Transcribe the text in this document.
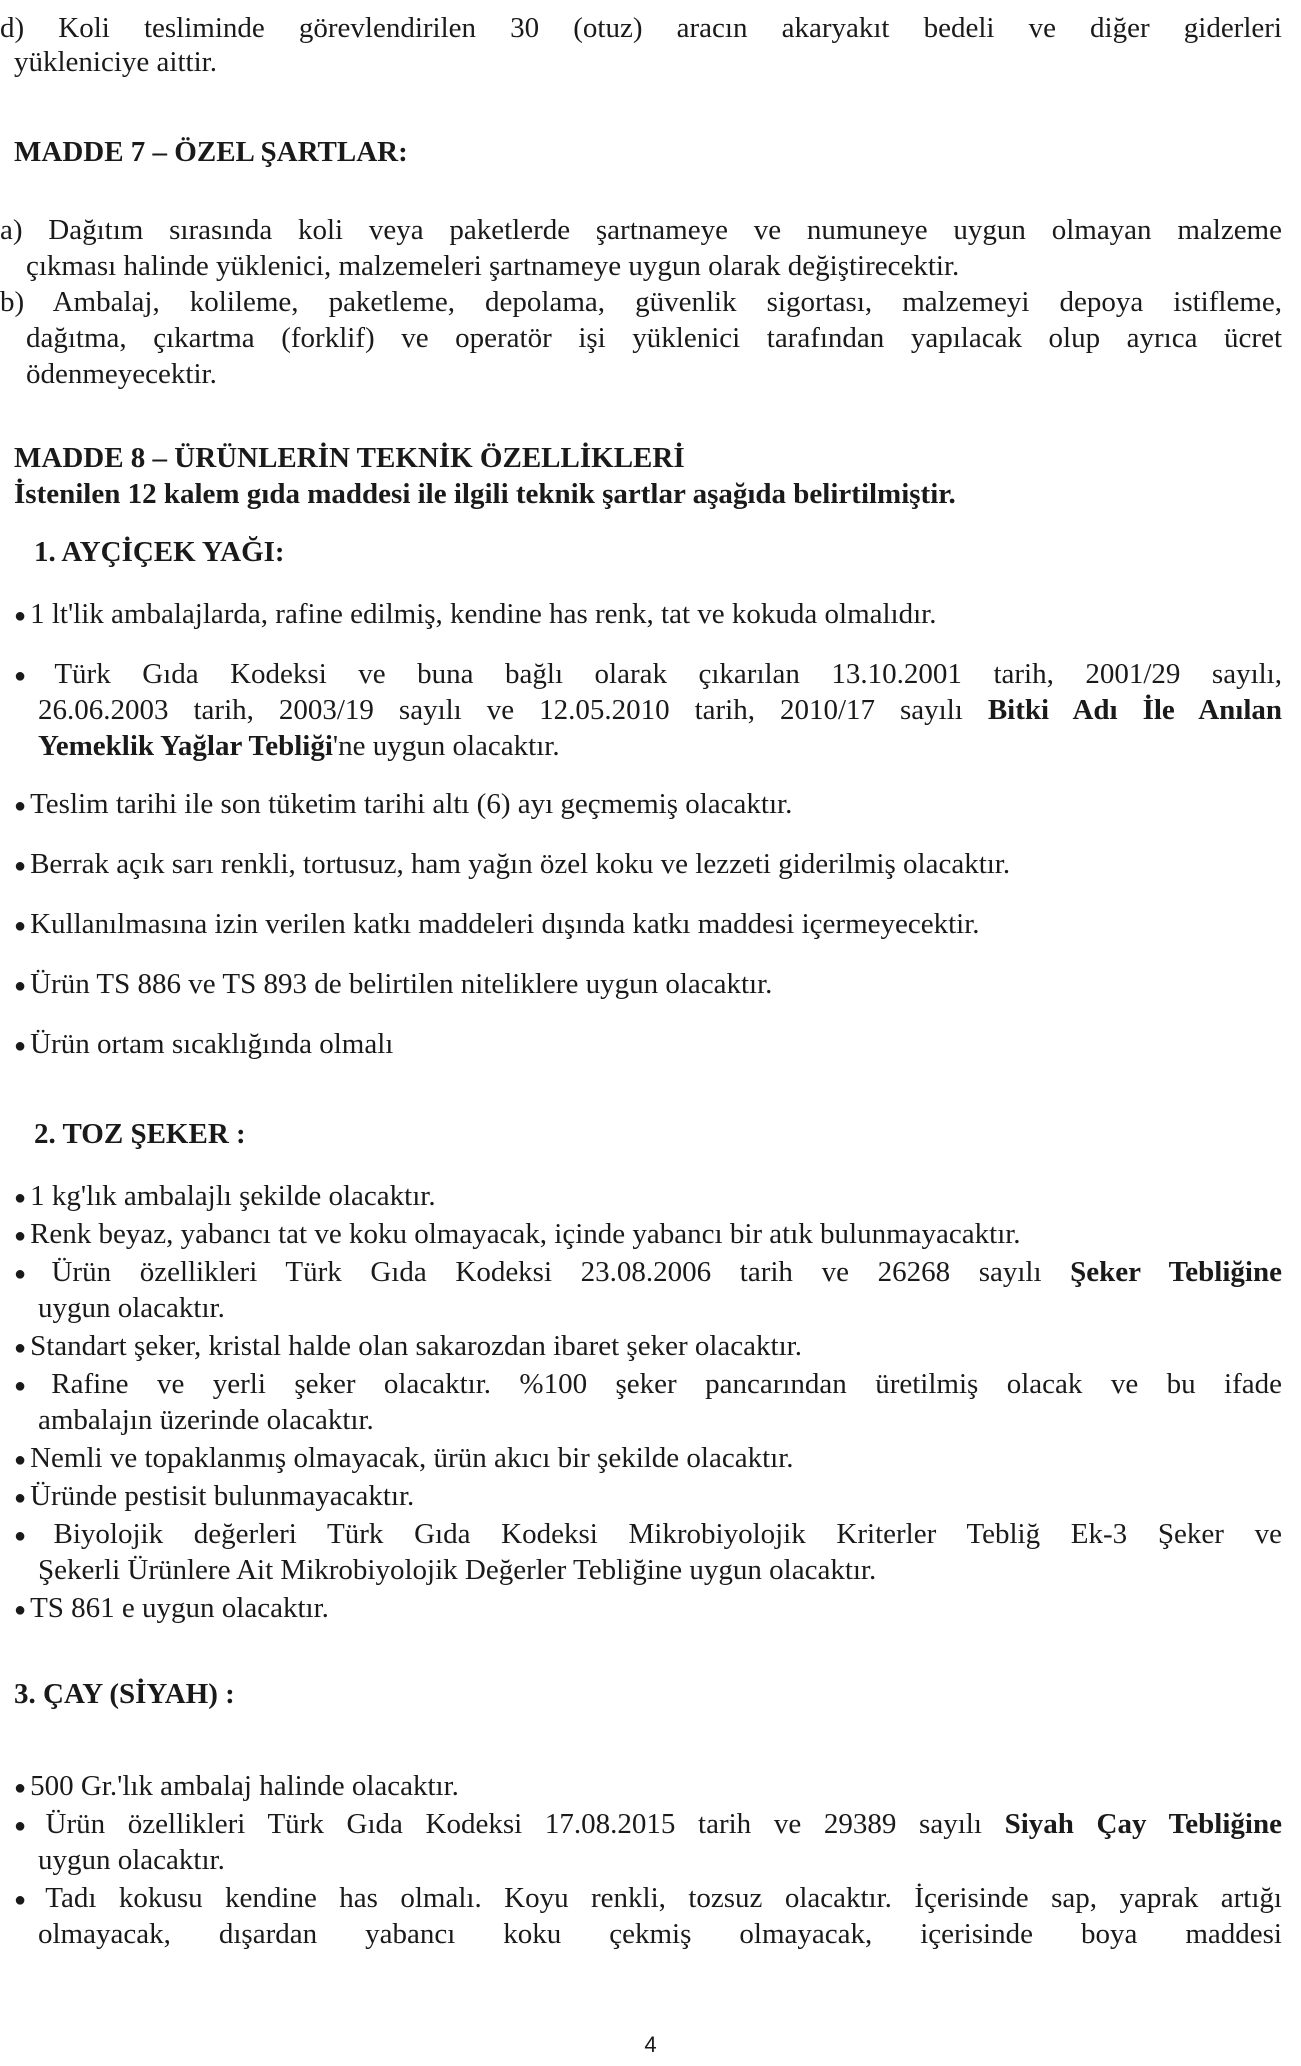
d) Koli tesliminde görevlendirilen 30 (otuz) aracın akaryakıt bedeli ve diğer giderleri
yükleniciye aittir.
MADDE 7 – ÖZEL ŞARTLAR:
a) Dağıtım sırasında koli veya paketlerde şartnameye ve numuneye uygun olmayan malzeme
çıkması halinde yüklenici, malzemeleri şartnameye uygun olarak değiştirecektir.
b) Ambalaj, kolileme, paketleme, depolama, güvenlik sigortası, malzemeyi depoya istifleme,
dağıtma, çıkartma (forklif) ve operatör işi yüklenici tarafından yapılacak olup ayrıca ücret
ödenmeyecektir.
MADDE 8 – ÜRÜNLERİN TEKNİK ÖZELLİKLERİ
İstenilen 12 kalem gıda maddesi ile ilgili teknik şartlar aşağıda belirtilmiştir.
1. AYÇİÇEK YAĞI:
● 1 lt'lik ambalajlarda, rafine edilmiş, kendine has renk, tat ve kokuda olmalıdır.
● Türk Gıda Kodeksi ve buna bağlı olarak çıkarılan 13.10.2001 tarih, 2001/29 sayılı,
26.06.2003 tarih, 2003/19 sayılı ve 12.05.2010 tarih, 2010/17 sayılı Bitki Adı İle Anılan
Yemeklik Yağlar Tebliği'ne uygun olacaktır.
● Teslim tarihi ile son tüketim tarihi altı (6) ayı geçmemiş olacaktır.
● Berrak açık sarı renkli, tortusuz, ham yağın özel koku ve lezzeti giderilmiş olacaktır.
● Kullanılmasına izin verilen katkı maddeleri dışında katkı maddesi içermeyecektir.
● Ürün TS 886 ve TS 893 de belirtilen niteliklere uygun olacaktır.
● Ürün ortam sıcaklığında olmalı
2. TOZ ŞEKER :
● 1 kg'lık ambalajlı şekilde olacaktır.
● Renk beyaz, yabancı tat ve koku olmayacak, içinde yabancı bir atık bulunmayacaktır.
● Ürün özellikleri Türk Gıda Kodeksi 23.08.2006 tarih ve 26268 sayılı Şeker Tebliğine
uygun olacaktır.
● Standart şeker, kristal halde olan sakarozdan ibaret şeker olacaktır.
● Rafine ve yerli şeker olacaktır. %100 şeker pancarından üretilmiş olacak ve bu ifade
ambalajın üzerinde olacaktır.
● Nemli ve topaklanmış olmayacak, ürün akıcı bir şekilde olacaktır.
● Üründe pestisit bulunmayacaktır.
● Biyolojik değerleri Türk Gıda Kodeksi Mikrobiyolojik Kriterler Tebliğ Ek-3 Şeker ve
Şekerli Ürünlere Ait Mikrobiyolojik Değerler Tebliğine uygun olacaktır.
● TS 861 e uygun olacaktır.
3. ÇAY (SİYAH) :
● 500 Gr.'lık ambalaj halinde olacaktır.
● Ürün özellikleri Türk Gıda Kodeksi 17.08.2015 tarih ve 29389 sayılı Siyah Çay Tebliğine
uygun olacaktır.
● Tadı kokusu kendine has olmalı. Koyu renkli, tozsuz olacaktır. İçerisinde sap, yaprak artığı
olmayacak, dışardan yabancı koku çekmiş olmayacak, içerisinde boya maddesi
4
